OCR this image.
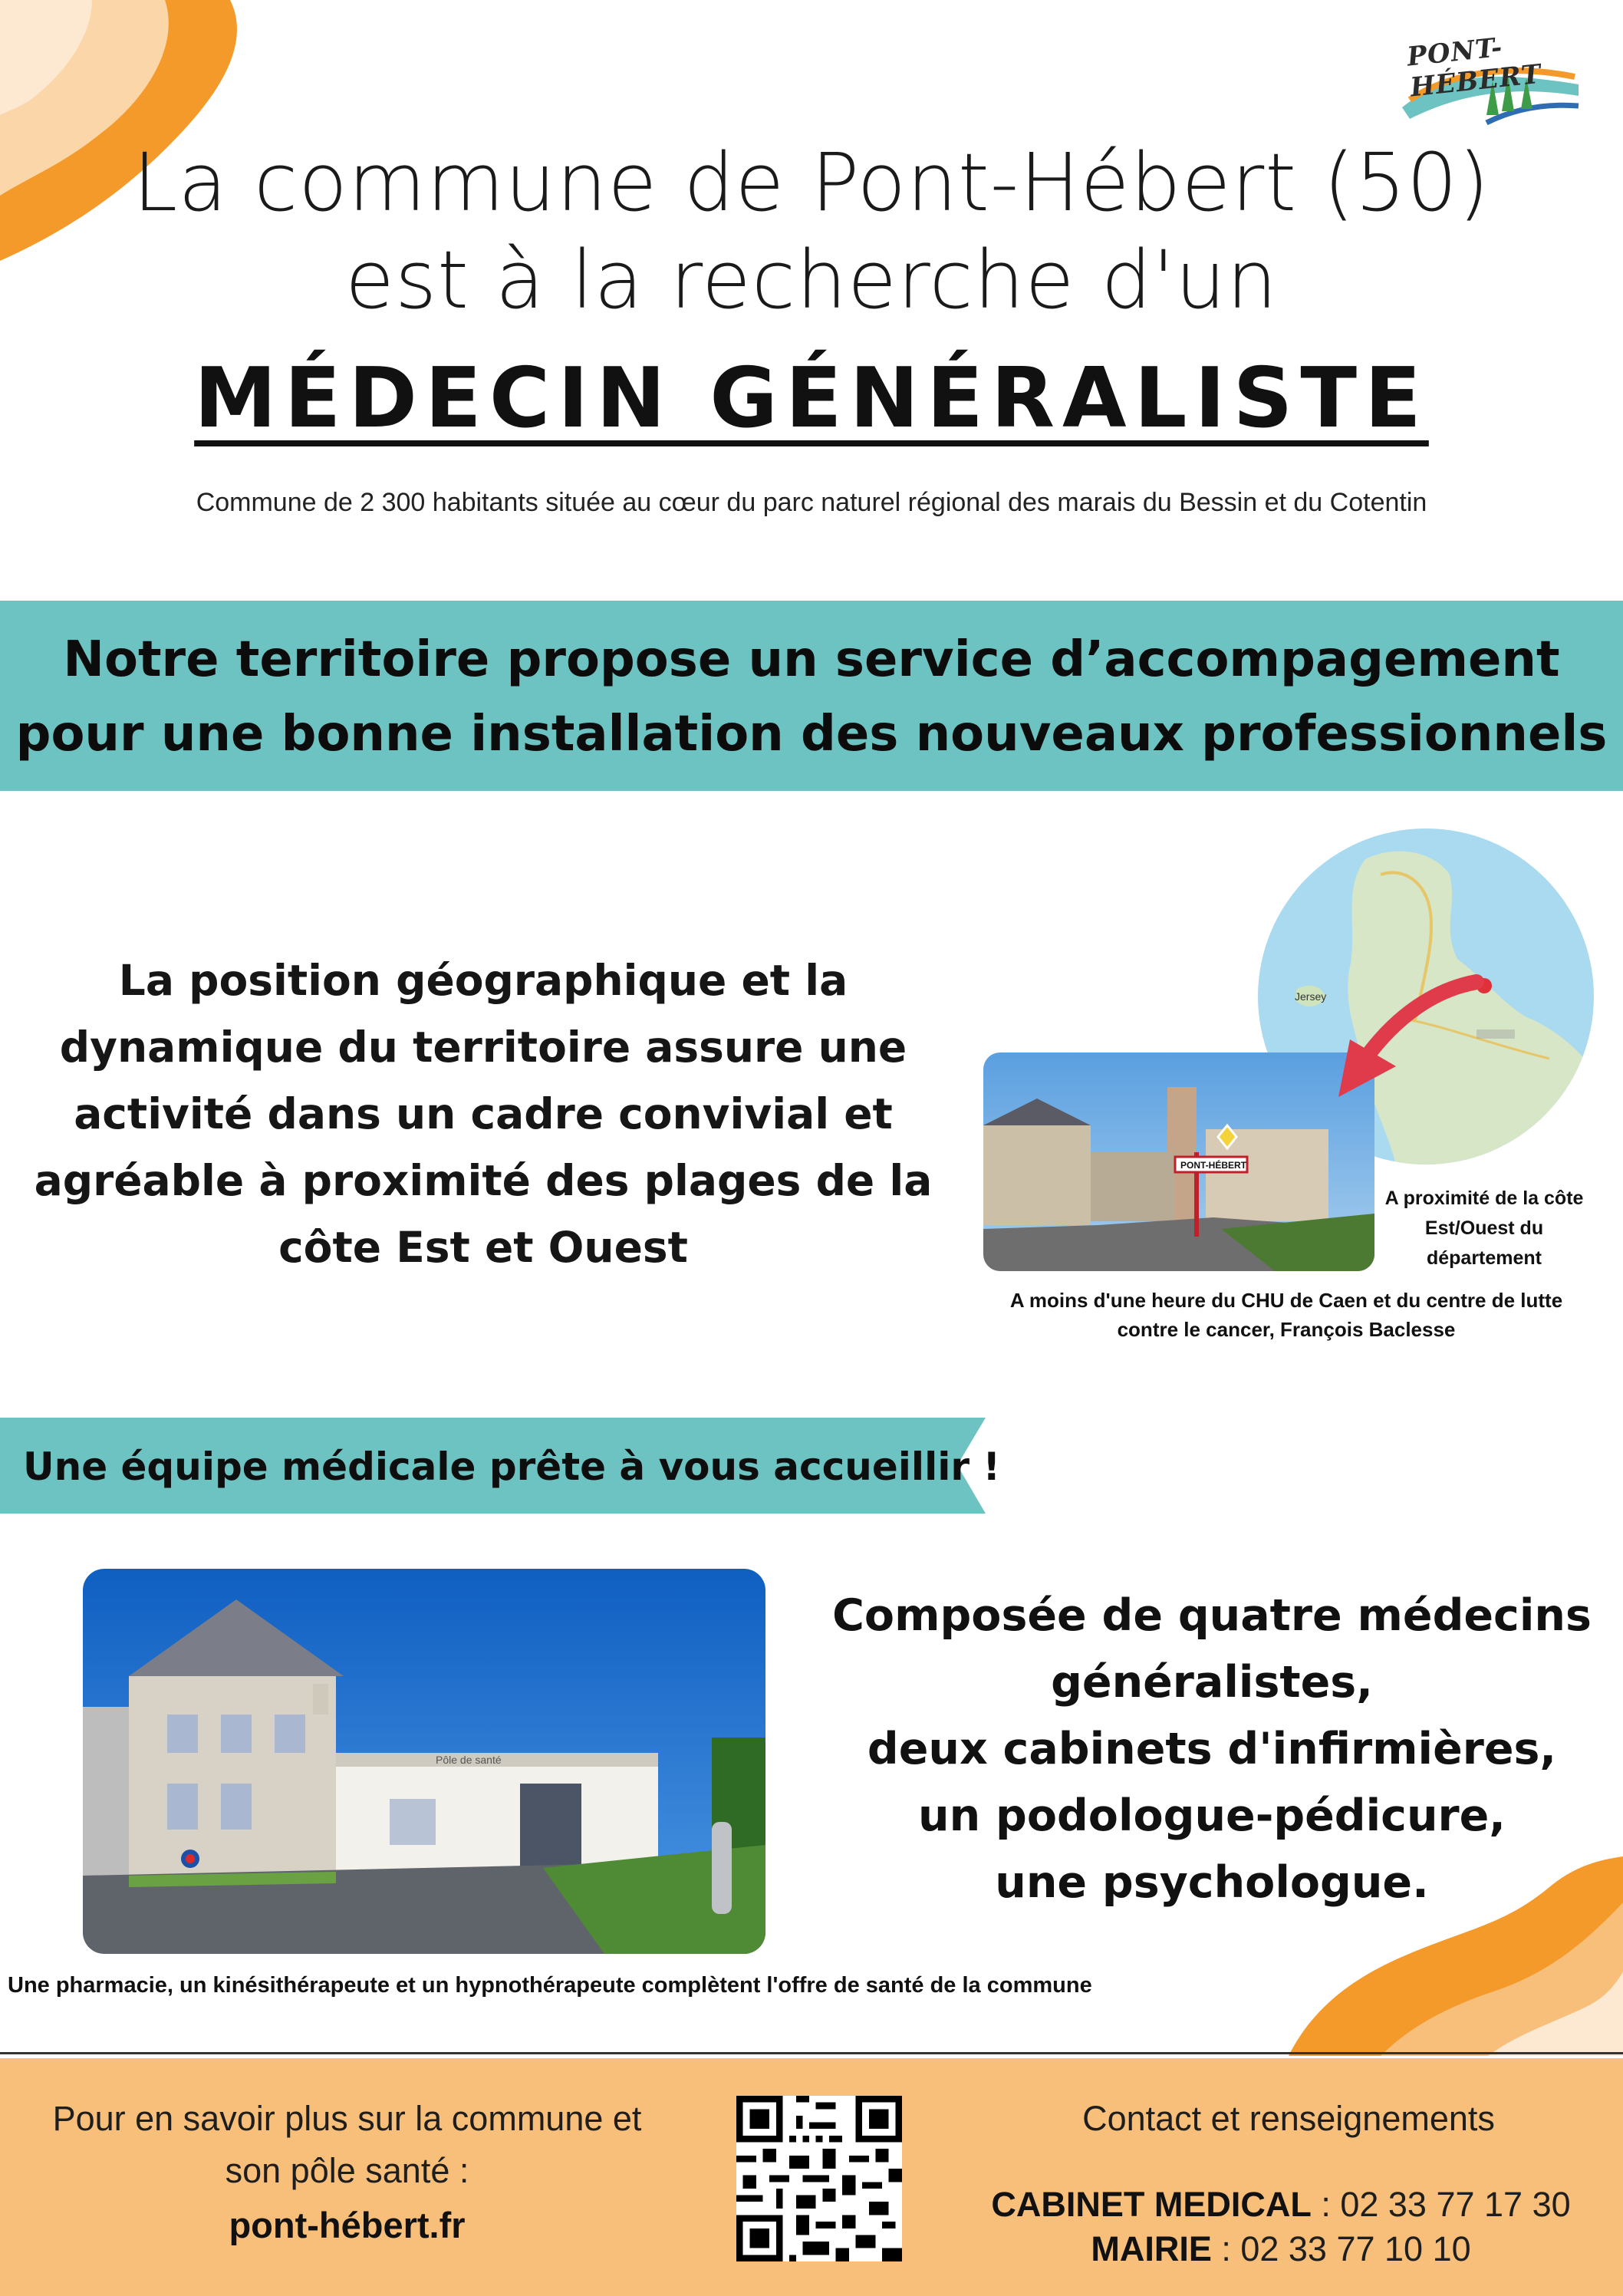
PONT-HÉBERT
La commune de Pont-Hébert (50)
est à la recherche d'un
MÉDECIN GÉNÉRALISTE
Commune de 2 300 habitants située au cœur du parc naturel régional des marais du Bessin et du Cotentin
Notre territoire propose un service d’accompagement
pour une bonne installation des nouveaux professionnels
La position géographique et la dynamique du territoire assure une activité dans un cadre convivial et agréable à proximité des plages de la côte Est et Ouest
Jersey
PONT-HÉBERT
A proximité de la côte Est/Ouest du département
A moins d'une heure du CHU de Caen et du centre de lutte contre le cancer, François Baclesse
Une équipe médicale prête à vous accueillir !
Pôle de santé
Composée de quatre médecins
généralistes,
deux cabinets d'infirmières,
un podologue-pédicure,
une psychologue.
Une pharmacie, un kinésithérapeute et un hypnothérapeute complètent l'offre de santé de la commune
Pour en savoir plus sur la commune et
son pôle santé :
pont-hébert.fr
Contact et renseignements
CABINET MEDICAL : 02 33 77 17 30
MAIRIE : 02 33 77 10 10
